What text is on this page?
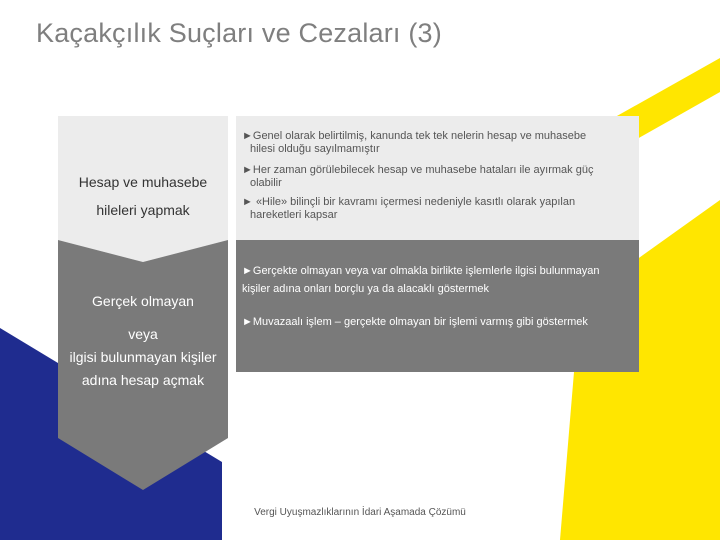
Kaçakçılık Suçları ve Cezaları (3)
Hesap ve muhasebe
hileleri yapmak
Gerçek olmayan
veya
ilgisi bulunmayan kişiler
adına hesap açmak
►Genel olarak belirtilmiş, kanunda tek tek nelerin hesap ve muhasebe
hilesi olduğu sayılmamıştır
►Her zaman görülebilecek hesap ve muhasebe hataları ile ayırmak güç
olabilir
► «Hile» bilinçli bir kavramı içermesi nedeniyle kasıtlı olarak yapılan
hareketleri kapsar
►Gerçekte olmayan veya var olmakla birlikte işlemlerle ilgisi bulunmayan
kişiler adına onları borçlu ya da alacaklı göstermek
►Muvazaalı işlem – gerçekte olmayan bir işlemi varmış gibi göstermek
Vergi Uyuşmazlıklarının İdari Aşamada Çözümü
